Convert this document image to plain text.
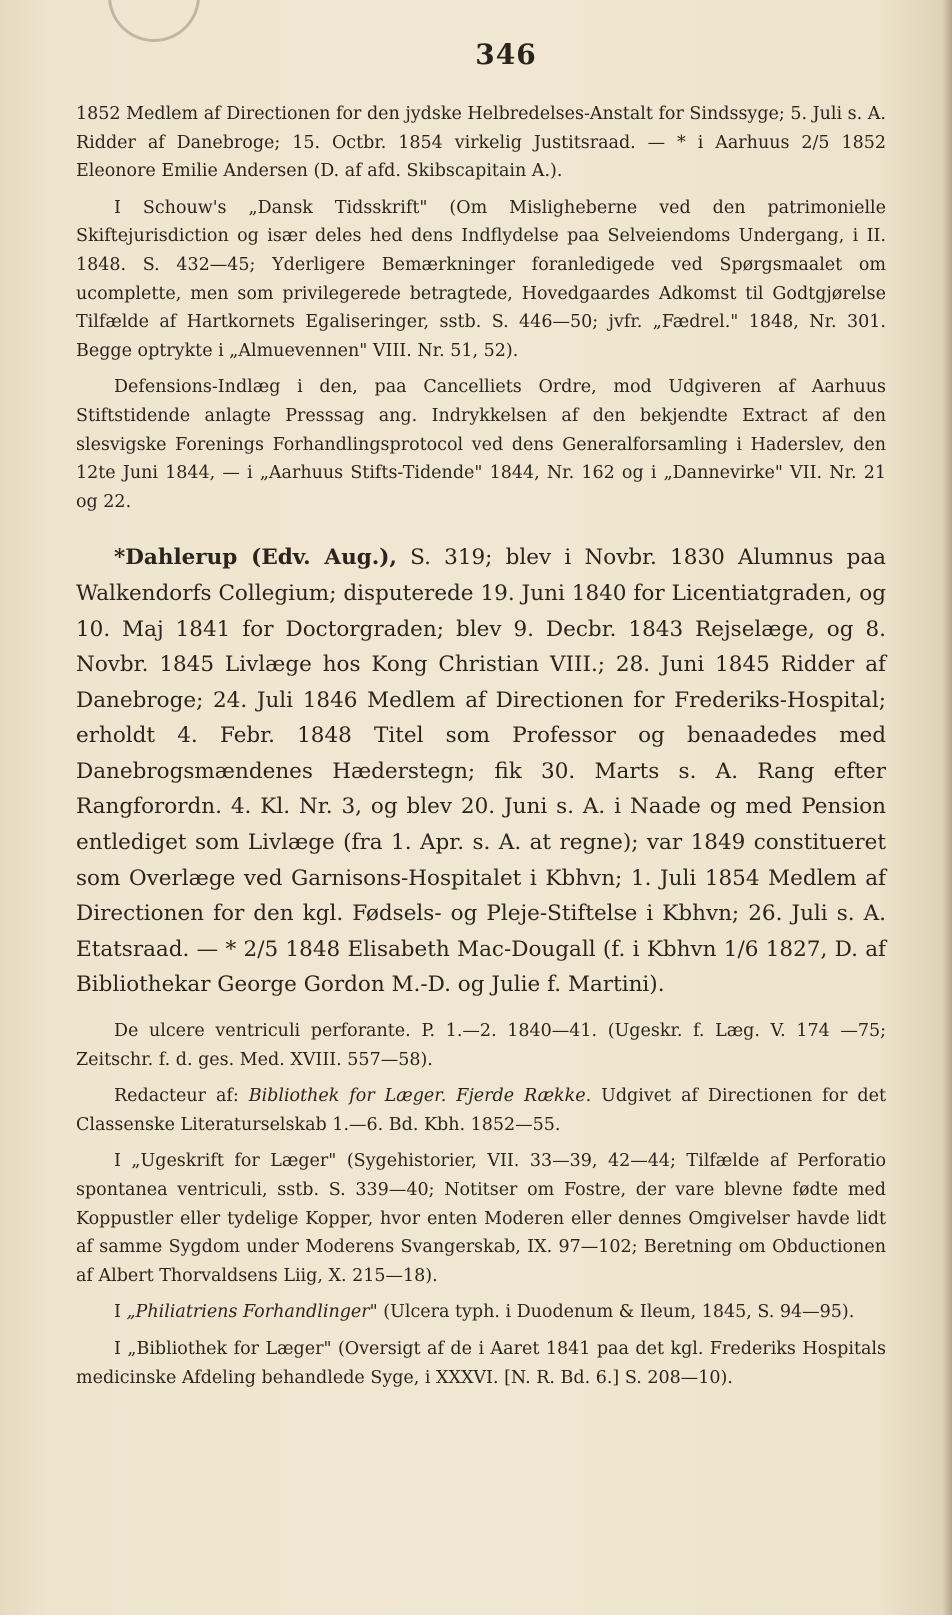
346

1852 Medlem af Directionen for den jydske Helbredelses-Anstalt for Sindssyge; 5. Juli s. A. Ridder af Danebroge; 15. Octbr. 1854 virkelig Justitsraad. — * i Aarhuus 2/5 1852 Eleonore Emilie Andersen (D. af afd. Skibscapitain A.).

I Schouw's „Dansk Tidsskrift" (Om Misligheberne ved den patrimonielle Skiftejurisdiction og især deles hed dens Indflydelse paa Selveiendoms Undergang, i II. 1848. S. 432—45; Yderligere Bemærkninger foranledigede ved Spørgsmaalet om ucomplette, men som privilegerede betragtede, Hovedgaardes Adkomst til Godtgjørelse Tilfælde af Hartkornets Egaliseringer, sstb. S. 446—50; jvfr. „Fædrel." 1848, Nr. 301. Begge optrykte i „Almuevennen" VIII. Nr. 51, 52).

Defensions-Indlæg i den, paa Cancelliets Ordre, mod Udgiveren af Aarhuus Stiftstidende anlagte Presssag ang. Indrykkelsen af den bekjendte Extract af den slesvigske Forenings Forhandlingsprotocol ved dens Generalforsamling i Haderslev, den 12te Juni 1844, — i „Aarhuus Stifts-Tidende" 1844, Nr. 162 og i „Dannevirke" VII. Nr. 21 og 22.

*Dahlerup (Edv. Aug.), S. 319; blev i Novbr. 1830 Alumnus paa Walkendorfs Collegium; disputerede 19. Juni 1840 for Licentiatgraden, og 10. Maj 1841 for Doctorgraden; blev 9. Decbr. 1843 Rejselæge, og 8. Novbr. 1845 Livlæge hos Kong Christian VIII.; 28. Juni 1845 Ridder af Danebroge; 24. Juli 1846 Medlem af Directionen for Frederiks-Hospital; erholdt 4. Febr. 1848 Titel som Professor og benaadedes med Danebrogsmændenes Hæderstegn; fik 30. Marts s. A. Rang efter Rangforordn. 4. Kl. Nr. 3, og blev 20. Juni s. A. i Naade og med Pension entlediget som Livlæge (fra 1. Apr. s. A. at regne); var 1849 constitueret som Overlæge ved Garnisons-Hospitalet i Kbhvn; 1. Juli 1854 Medlem af Directionen for den kgl. Fødsels- og Pleje-Stiftelse i Kbhvn; 26. Juli s. A. Etatsraad. — * 2/5 1848 Elisabeth Mac-Dougall (f. i Kbhvn 1/6 1827, D. af Bibliothekar George Gordon M.-D. og Julie f. Martini).

De ulcere ventriculi perforante. P. 1.—2. 1840—41. (Ugeskr. f. Læg. V. 174 —75; Zeitschr. f. d. ges. Med. XVIII. 557—58).

Redacteur af: Bibliothek for Læger. Fjerde Række. Udgivet af Directionen for det Classenske Literaturselskab 1.—6. Bd. Kbh. 1852—55.

I „Ugeskrift for Læger" (Sygehistorier, VII. 33—39, 42—44; Tilfælde af Perforatio spontanea ventriculi, sstb. S. 339—40; Notitser om Fostre, der vare blevne fødte med Koppustler eller tydelige Kopper, hvor enten Moderen eller dennes Omgivelser havde lidt af samme Sygdom under Moderens Svangerskab, IX. 97—102; Beretning om Obductionen af Albert Thorvaldsens Liig, X. 215—18).

I „Philiatriens Forhandlinger" (Ulcera typh. i Duodenum & Ileum, 1845, S. 94—95).

I „Bibliothek for Læger" (Oversigt af de i Aaret 1841 paa det kgl. Frederiks Hospitals medicinske Afdeling behandlede Syge, i XXXVI. [N. R. Bd. 6.] S. 208—10).
